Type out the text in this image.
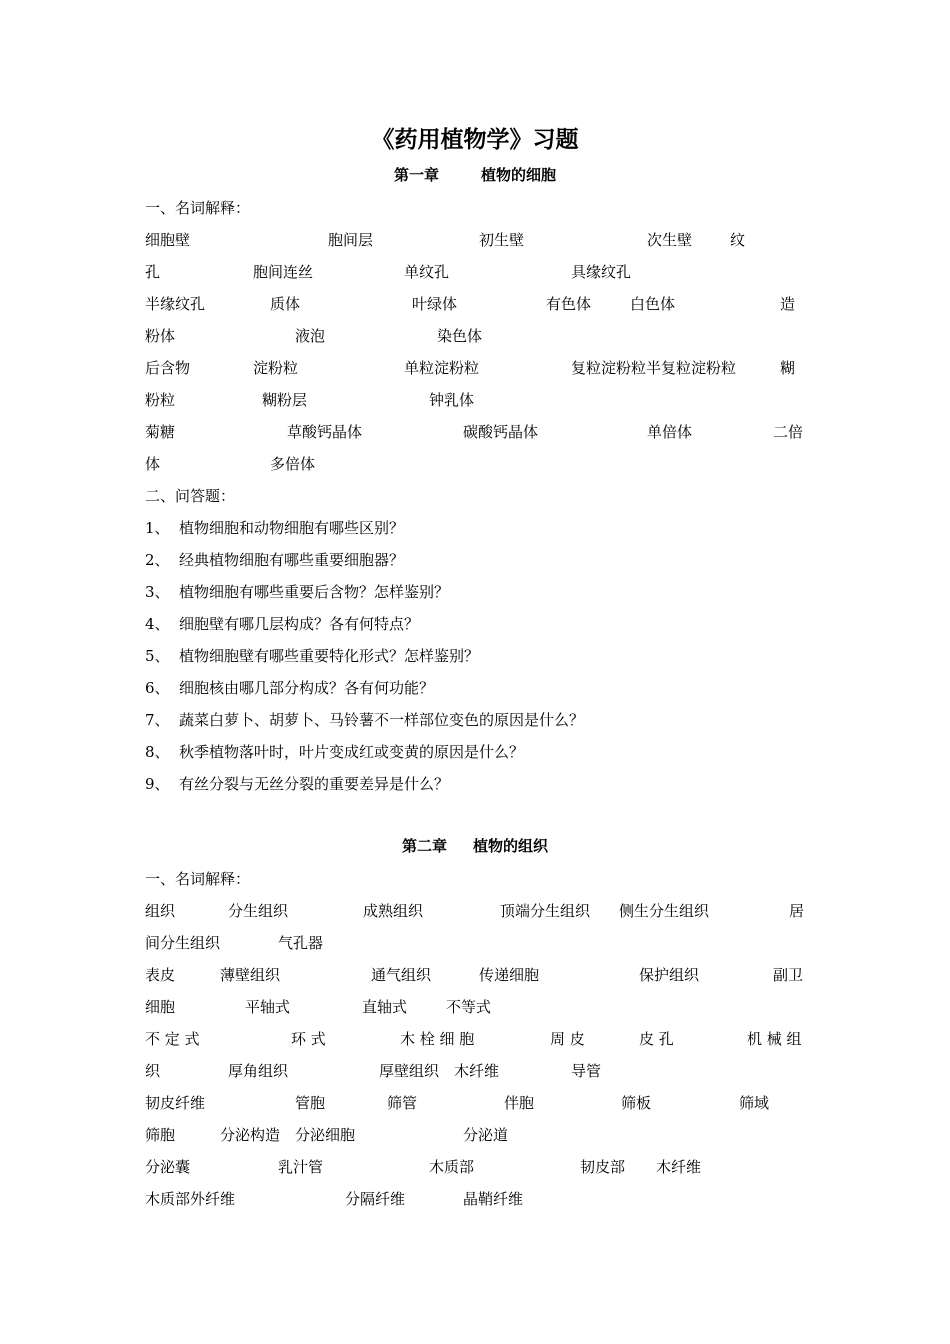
《药用植物学》习题
第一章	植物的细胞
一、名词解释：
细胞壁	胞间层	初生壁	次生壁	纹
孔	胞间连丝	单纹孔	具缘纹孔
半缘纹孔	质体	叶绿体	有色体	白色体	造
粉体	液泡	染色体
后含物	淀粉粒	单粒淀粉粒	复粒淀粉粒半复粒淀粉粒	糊
粉粒	糊粉层	钟乳体
菊糖	草酸钙晶体	碳酸钙晶体	单倍体	二倍
体	多倍体
二、问答题：
1、 植物细胞和动物细胞有哪些区别？
2、 经典植物细胞有哪些重要细胞器？
3、 植物细胞有哪些重要后含物？怎样鉴别？
4、 细胞壁有哪几层构成？各有何特点？
5、 植物细胞壁有哪些重要特化形式？怎样鉴别？
6、 细胞核由哪几部分构成？各有何功能？
7、 蔬菜白萝卜、胡萝卜、马铃薯不一样部位变色的原因是什么？
8、 秋季植物落叶时，叶片变成红或变黄的原因是什么？
9、 有丝分裂与无丝分裂的重要差异是什么？
第二章 植物的组织
一、名词解释：
组织	分生组织	成熟组织	顶端分生组织 侧生分生组织	居
间分生组织	气孔器
表皮	薄壁组织	通气组织	传递细胞	保护组织	副卫
细胞	平轴式	直轴式	不等式
不 定 式	环 式	木 栓 细 胞	周 皮	皮 孔	机 械 组
织	厚角组织	厚壁组织 木纤维	导管
韧皮纤维	管胞	筛管	伴胞	筛板	筛域
筛胞	分泌构造 分泌细胞	分泌道
分泌囊	乳汁管	木质部	韧皮部 木纤维
木质部外纤维	分隔纤维	晶鞘纤维
